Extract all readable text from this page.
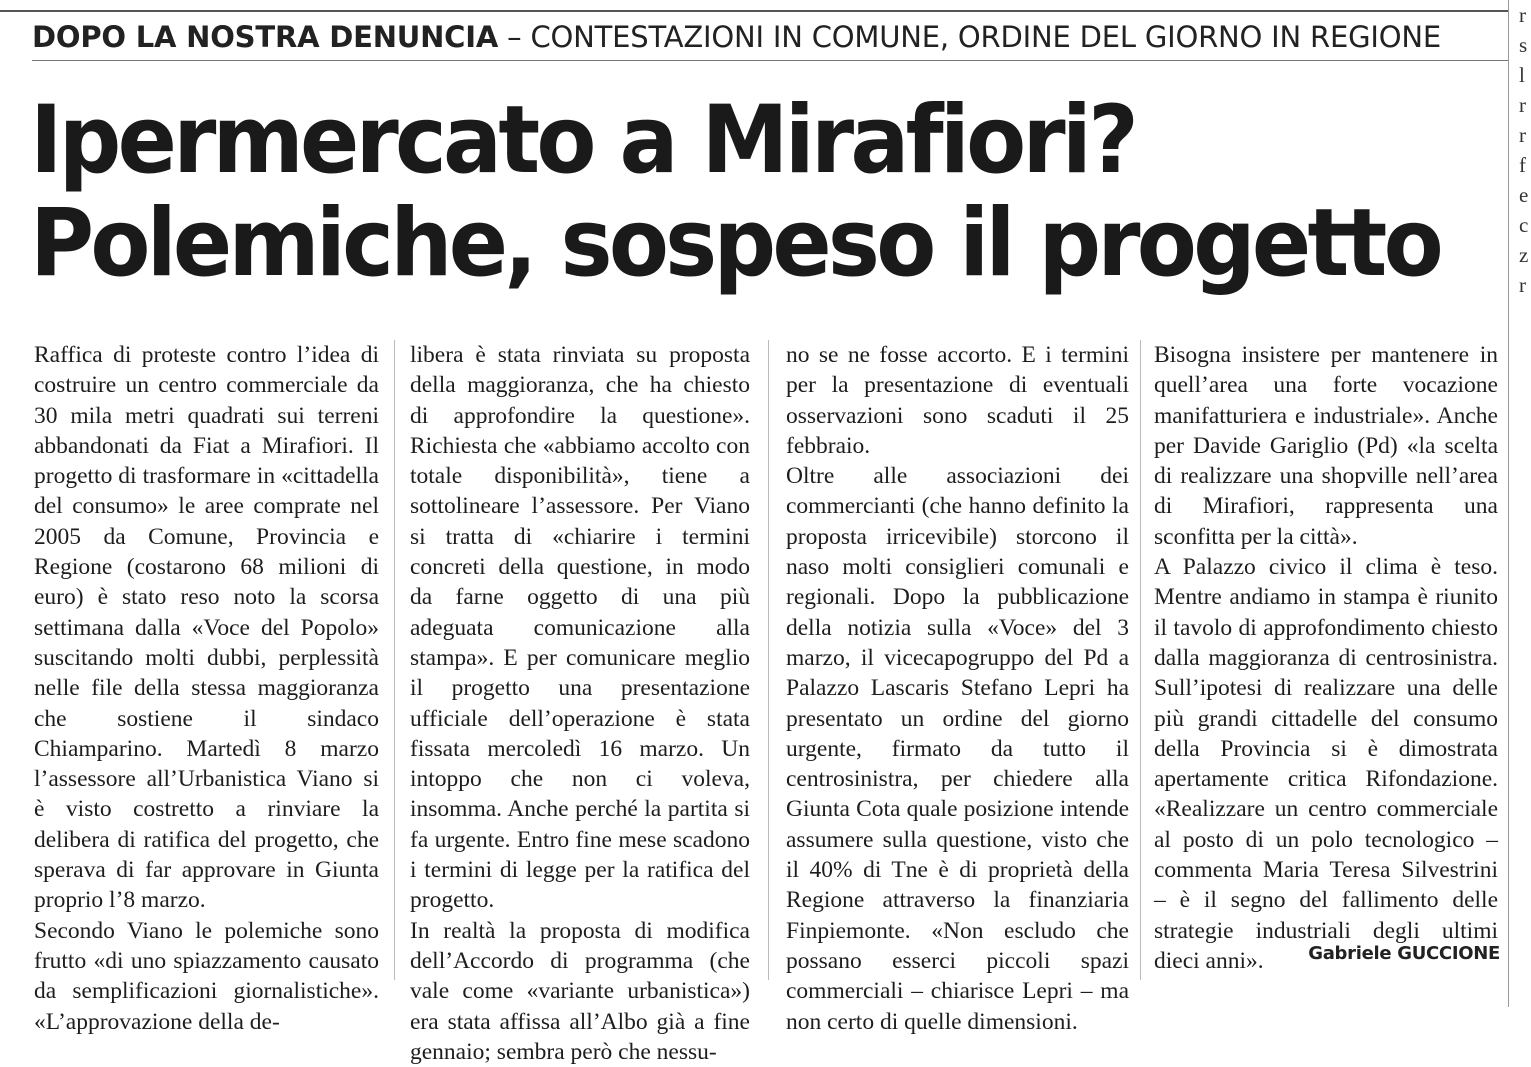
DOPO LA NOSTRA DENUNCIA – CONTESTAZIONI IN COMUNE, ORDINE DEL GIORNO IN REGIONE
Ipermercato a Mirafiori?
Polemiche, sospeso il progetto

Raffica di proteste contro l’idea di costruire un centro commerciale da 30 mila metri quadrati sui terreni abbandonati da Fiat a Mirafiori. Il progetto di trasformare in «cittadella del consumo» le aree comprate nel 2005 da Comune, Provincia e Regione (costarono 68 milioni di euro) è stato reso noto la scorsa settimana dalla «Voce del Popolo» suscitando molti dubbi, perplessità nelle file della stessa maggioranza che sostiene il sindaco Chiamparino. Martedì 8 marzo l’assessore all’Urbanistica Viano si è visto costretto a rinviare la delibera di ratifica del progetto, che sperava di far approvare in Giunta proprio l’8 marzo.

Secondo Viano le polemiche sono frutto «di uno spiazzamento causato da semplificazioni giornalistiche». «L’approvazione della de-

libera è stata rinviata su proposta della maggioranza, che ha chiesto di approfondire la questione». Richiesta che «abbiamo accolto con totale disponibilità», tiene a sottolineare l’assessore. Per Viano si tratta di «chiarire i termini concreti della questione, in modo da farne oggetto di una più adeguata comunicazione alla stampa». E per comunicare meglio il progetto una presentazione ufficiale dell’operazione è stata fissata mercoledì 16 marzo. Un intoppo che non ci voleva, insomma. Anche perché la partita si fa urgente. Entro fine mese scadono i termini di legge per la ratifica del progetto.

In realtà la proposta di modifica dell’Accordo di programma (che vale come «variante urbanistica») era stata affissa all’Albo già a fine gennaio; sembra però che nessu-

no se ne fosse accorto. E i termini per la presentazione di eventuali osservazioni sono scaduti il 25 febbraio.

Oltre alle associazioni dei commercianti (che hanno definito la proposta irricevibile) storcono il naso molti consiglieri comunali e regionali. Dopo la pubblicazione della notizia sulla «Voce» del 3 marzo, il vicecapogruppo del Pd a Palazzo Lascaris Stefano Lepri ha presentato un ordine del giorno urgente, firmato da tutto il centrosinistra, per chiedere alla Giunta Cota quale posizione intende assumere sulla questione, visto che il 40% di Tne è di proprietà della Regione attraverso la finanziaria Finpiemonte. «Non escludo che possano esserci piccoli spazi commerciali – chiarisce Lepri – ma non certo di quelle dimensioni.

Bisogna insistere per mantenere in quell’area una forte vocazione manifatturiera e industriale». Anche per Davide Gariglio (Pd) «la scelta di realizzare una shopville nell’area di Mirafiori, rappresenta una sconfitta per la città».

A Palazzo civico il clima è teso. Mentre andiamo in stampa è riunito il tavolo di approfondimento chiesto dalla maggioranza di centrosinistra. Sull’ipotesi di realizzare una delle più grandi cittadelle del consumo della Provincia si è dimostrata apertamente critica Rifondazione. «Realizzare un centro commerciale al posto di un polo tecnologico – commenta Maria Teresa Silvestrini – è il segno del fallimento delle strategie industriali degli ultimi dieci anni».	Gabriele GUCCIONE
r
s
l
r
r
f
e
c
z
r
